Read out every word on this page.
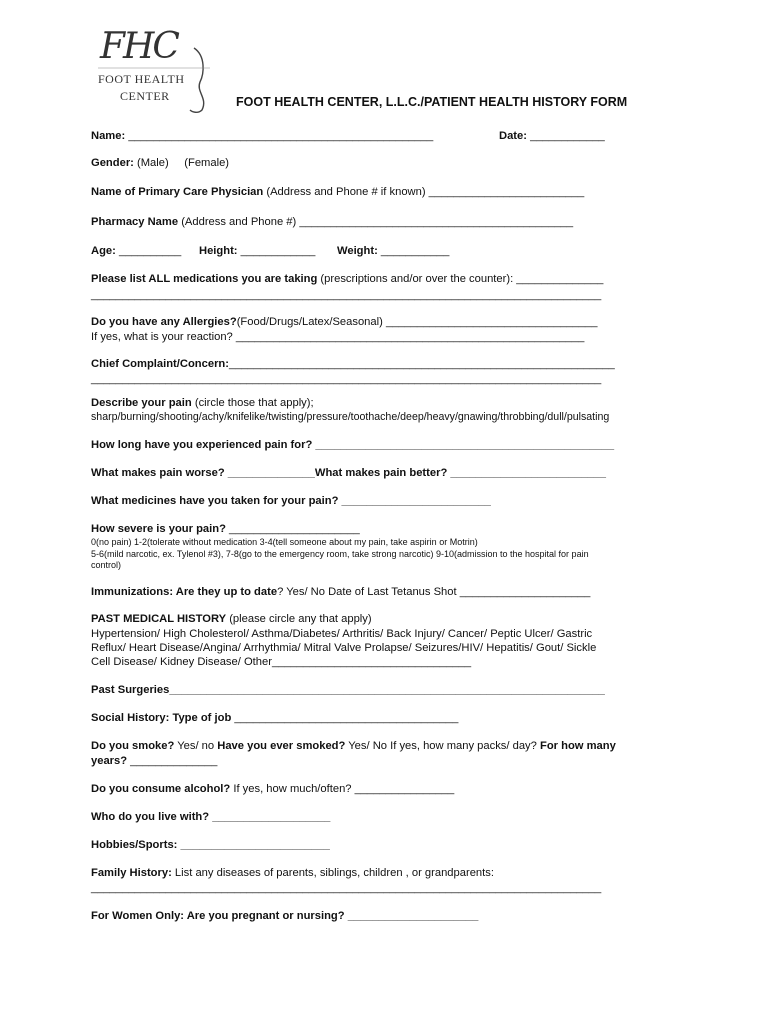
FHC
FOOT HEALTH
CENTER	FOOT HEALTH CENTER, L.L.C./PATIENT HEALTH HISTORY FORM
Name: _________________________________________________	Date: ____________
Gender: (Male) (Female)
Name of Primary Care Physician (Address and Phone # if known) _________________________
Pharmacy Name (Address and Phone #) ____________________________________________
Age: __________ Height: ____________ Weight: ___________
Please list ALL medications you are taking (prescriptions and/or over the counter): ______________
__________________________________________________________________________________
Do you have any Allergies?(Food/Drugs/Latex/Seasonal) __________________________________
If yes, what is your reaction? ________________________________________________________
Chief Complaint/Concern:______________________________________________________________
__________________________________________________________________________________
Describe your pain (circle those that apply);
sharp/burning/shooting/achy/knifelike/twisting/pressure/toothache/deep/heavy/gnawing/throbbing/dull/pulsating
How long have you experienced pain for? ________________________________________________
What makes pain worse? ______________What makes pain better? _________________________
What medicines have you taken for your pain? ________________________
How severe is your pain? _____________________
0(no pain) 1-2(tolerate without medication 3-4(tell someone about my pain, take aspirin or Motrin)
5-6(mild narcotic, ex. Tylenol #3), 7-8(go to the emergency room, take strong narcotic) 9-10(admission to the hospital for pain
control)
Immunizations: Are they up to date? Yes/ No Date of Last Tetanus Shot _____________________
PAST MEDICAL HISTORY (please circle any that apply)
Hypertension/ High Cholesterol/ Asthma/Diabetes/ Arthritis/ Back Injury/ Cancer/ Peptic Ulcer/ Gastric
Reflux/ Heart Disease/Angina/ Arrhythmia/ Mitral Valve Prolapse/ Seizures/HIV/ Hepatitis/ Gout/ Sickle
Cell Disease/ Kidney Disease/ Other________________________________
Past Surgeries______________________________________________________________________
Social History: Type of job ____________________________________
Do you smoke? Yes/ no Have you ever smoked? Yes/ No If yes, how many packs/ day? For how many
years? ______________
Do you consume alcohol? If yes, how much/often? ________________
Who do you live with? ___________________
Hobbies/Sports: ________________________
Family History: List any diseases of parents, siblings, children , or grandparents:
__________________________________________________________________________________
For Women Only: Are you pregnant or nursing? _____________________
